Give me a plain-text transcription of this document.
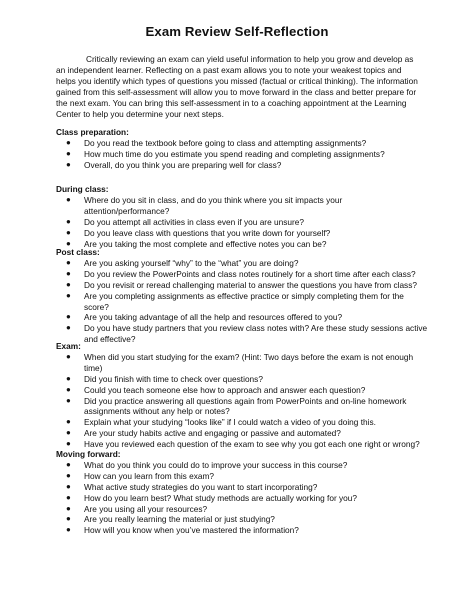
Exam Review Self-Reflection

Critically reviewing an exam can yield useful information to help you grow and develop as an independent learner. Reflecting on a past exam allows you to note your weakest topics and helps you identify which types of questions you missed (factual or critical thinking). The information gained from this self-assessment will allow you to move forward in the class and better prepare for the next exam. You can bring this self-assessment in to a coaching appointment at the Learning Center to help you determine your next steps.

Class preparation:

● Do you read the textbook before going to class and attempting assignments?
● How much time do you estimate you spend reading and completing assignments?
● Overall, do you think you are preparing well for class?

During class:

● Where do you sit in class, and do you think where you sit impacts your attention/performance?
● Do you attempt all activities in class even if you are unsure?
● Do you leave class with questions that you write down for yourself?
● Are you taking the most complete and effective notes you can be?

Post class:

● Are you asking yourself “why” to the “what” you are doing?
● Do you review the PowerPoints and class notes routinely for a short time after each class?
● Do you revisit or reread challenging material to answer the questions you have from class?
● Are you completing assignments as effective practice or simply completing them for the score?
● Are you taking advantage of all the help and resources offered to you?
● Do you have study partners that you review class notes with? Are these study sessions active and effective?

Exam:

● When did you start studying for the exam? (Hint: Two days before the exam is not enough time)
● Did you finish with time to check over questions?
● Could you teach someone else how to approach and answer each question?
● Did you practice answering all questions again from PowerPoints and on-line homework assignments without any help or notes?
● Explain what your studying “looks like” if I could watch a video of you doing this.
● Are your study habits active and engaging or passive and automated?
● Have you reviewed each question of the exam to see why you got each one right or wrong?

Moving forward:

● What do you think you could do to improve your success in this course?
● How can you learn from this exam?
● What active study strategies do you want to start incorporating?
● How do you learn best? What study methods are actually working for you?
● Are you using all your resources?
● Are you really learning the material or just studying?
● How will you know when you’ve mastered the information?
